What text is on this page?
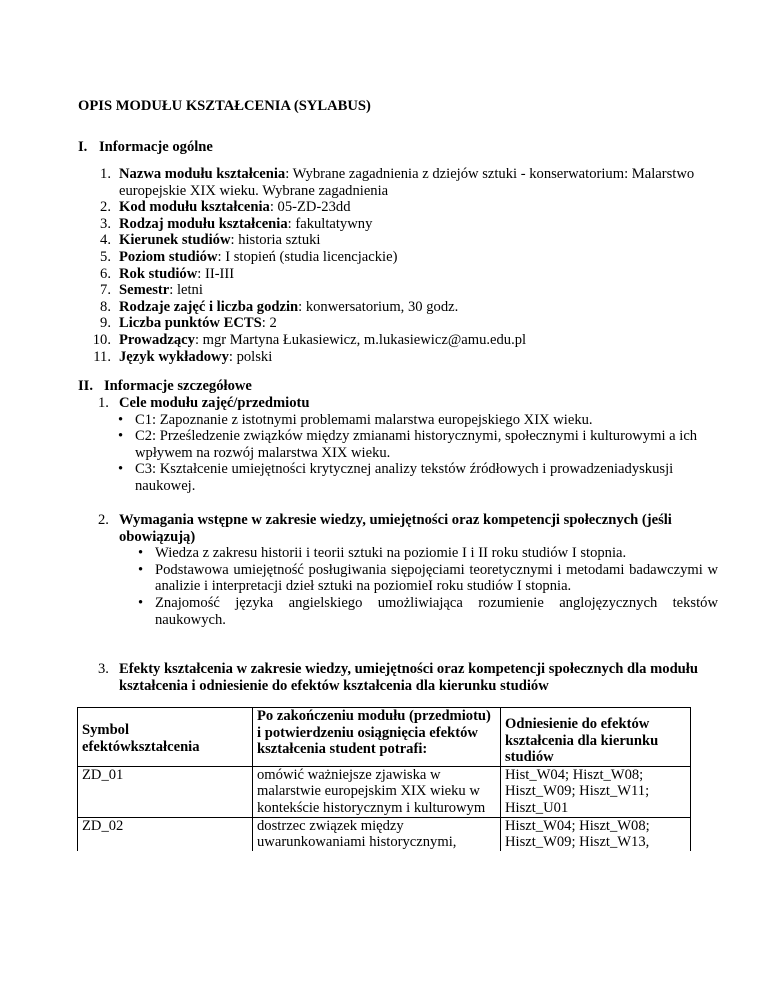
OPIS MODUŁU KSZTAŁCENIA (SYLABUS)
I. Informacje ogólne
1. Nazwa modułu kształcenia: Wybrane zagadnienia z dziejów sztuki - konserwatorium: Malarstwo europejskie XIX wieku. Wybrane zagadnienia
2. Kod modułu kształcenia: 05-ZD-23dd
3. Rodzaj modułu kształcenia: fakultatywny
4. Kierunek studiów: historia sztuki
5. Poziom studiów: I stopień (studia licencjackie)
6. Rok studiów: II-III
7. Semestr: letni
8. Rodzaje zajęć i liczba godzin: konwersatorium, 30 godz.
9. Liczba punktów ECTS: 2
10. Prowadzący: mgr Martyna Łukasiewicz, m.lukasiewicz@amu.edu.pl
11. Język wykładowy: polski
II. Informacje szczegółowe
1. Cele modułu zajęć/przedmiotu
• C1: Zapoznanie z istotnymi problemami malarstwa europejskiego XIX wieku.
• C2: Prześledzenie związków między zmianami historycznymi, społecznymi i kulturowymi a ich wpływem na rozwój malarstwa XIX wieku.
• C3: Kształcenie umiejętności krytycznej analizy tekstów źródłowych i prowadzeniadyskusji naukowej.
2. Wymagania wstępne w zakresie wiedzy, umiejętności oraz kompetencji społecznych (jeśli obowiązują)
• Wiedza z zakresu historii i teorii sztuki na poziomie I i II roku studiów I stopnia.
• Podstawowa umiejętność posługiwania siępojęciami teoretycznymi i metodami badawczymi w analizie i interpretacji dzieł sztuki na poziomieI roku studiów I stopnia.
• Znajomość języka angielskiego umożliwiająca rozumienie anglojęzycznych tekstów naukowych.
3. Efekty kształcenia w zakresie wiedzy, umiejętności oraz kompetencji społecznych dla modułu kształcenia i odniesienie do efektów kształcenia dla kierunku studiów
Symbol efektówkształcenia	Po zakończeniu modułu (przedmiotu) i potwierdzeniu osiągnięcia efektów kształcenia student potrafi:	Odniesienie do efektów kształcenia dla kierunku studiów
ZD_01	omówić ważniejsze zjawiska w malarstwie europejskim XIX wieku w kontekście historycznym i kulturowym	Hist_W04; Hiszt_W08; Hiszt_W09; Hiszt_W11; Hiszt_U01
ZD_02	dostrzec związek między uwarunkowaniami historycznymi,	Hiszt_W04; Hiszt_W08; Hiszt_W09; Hiszt_W13,
